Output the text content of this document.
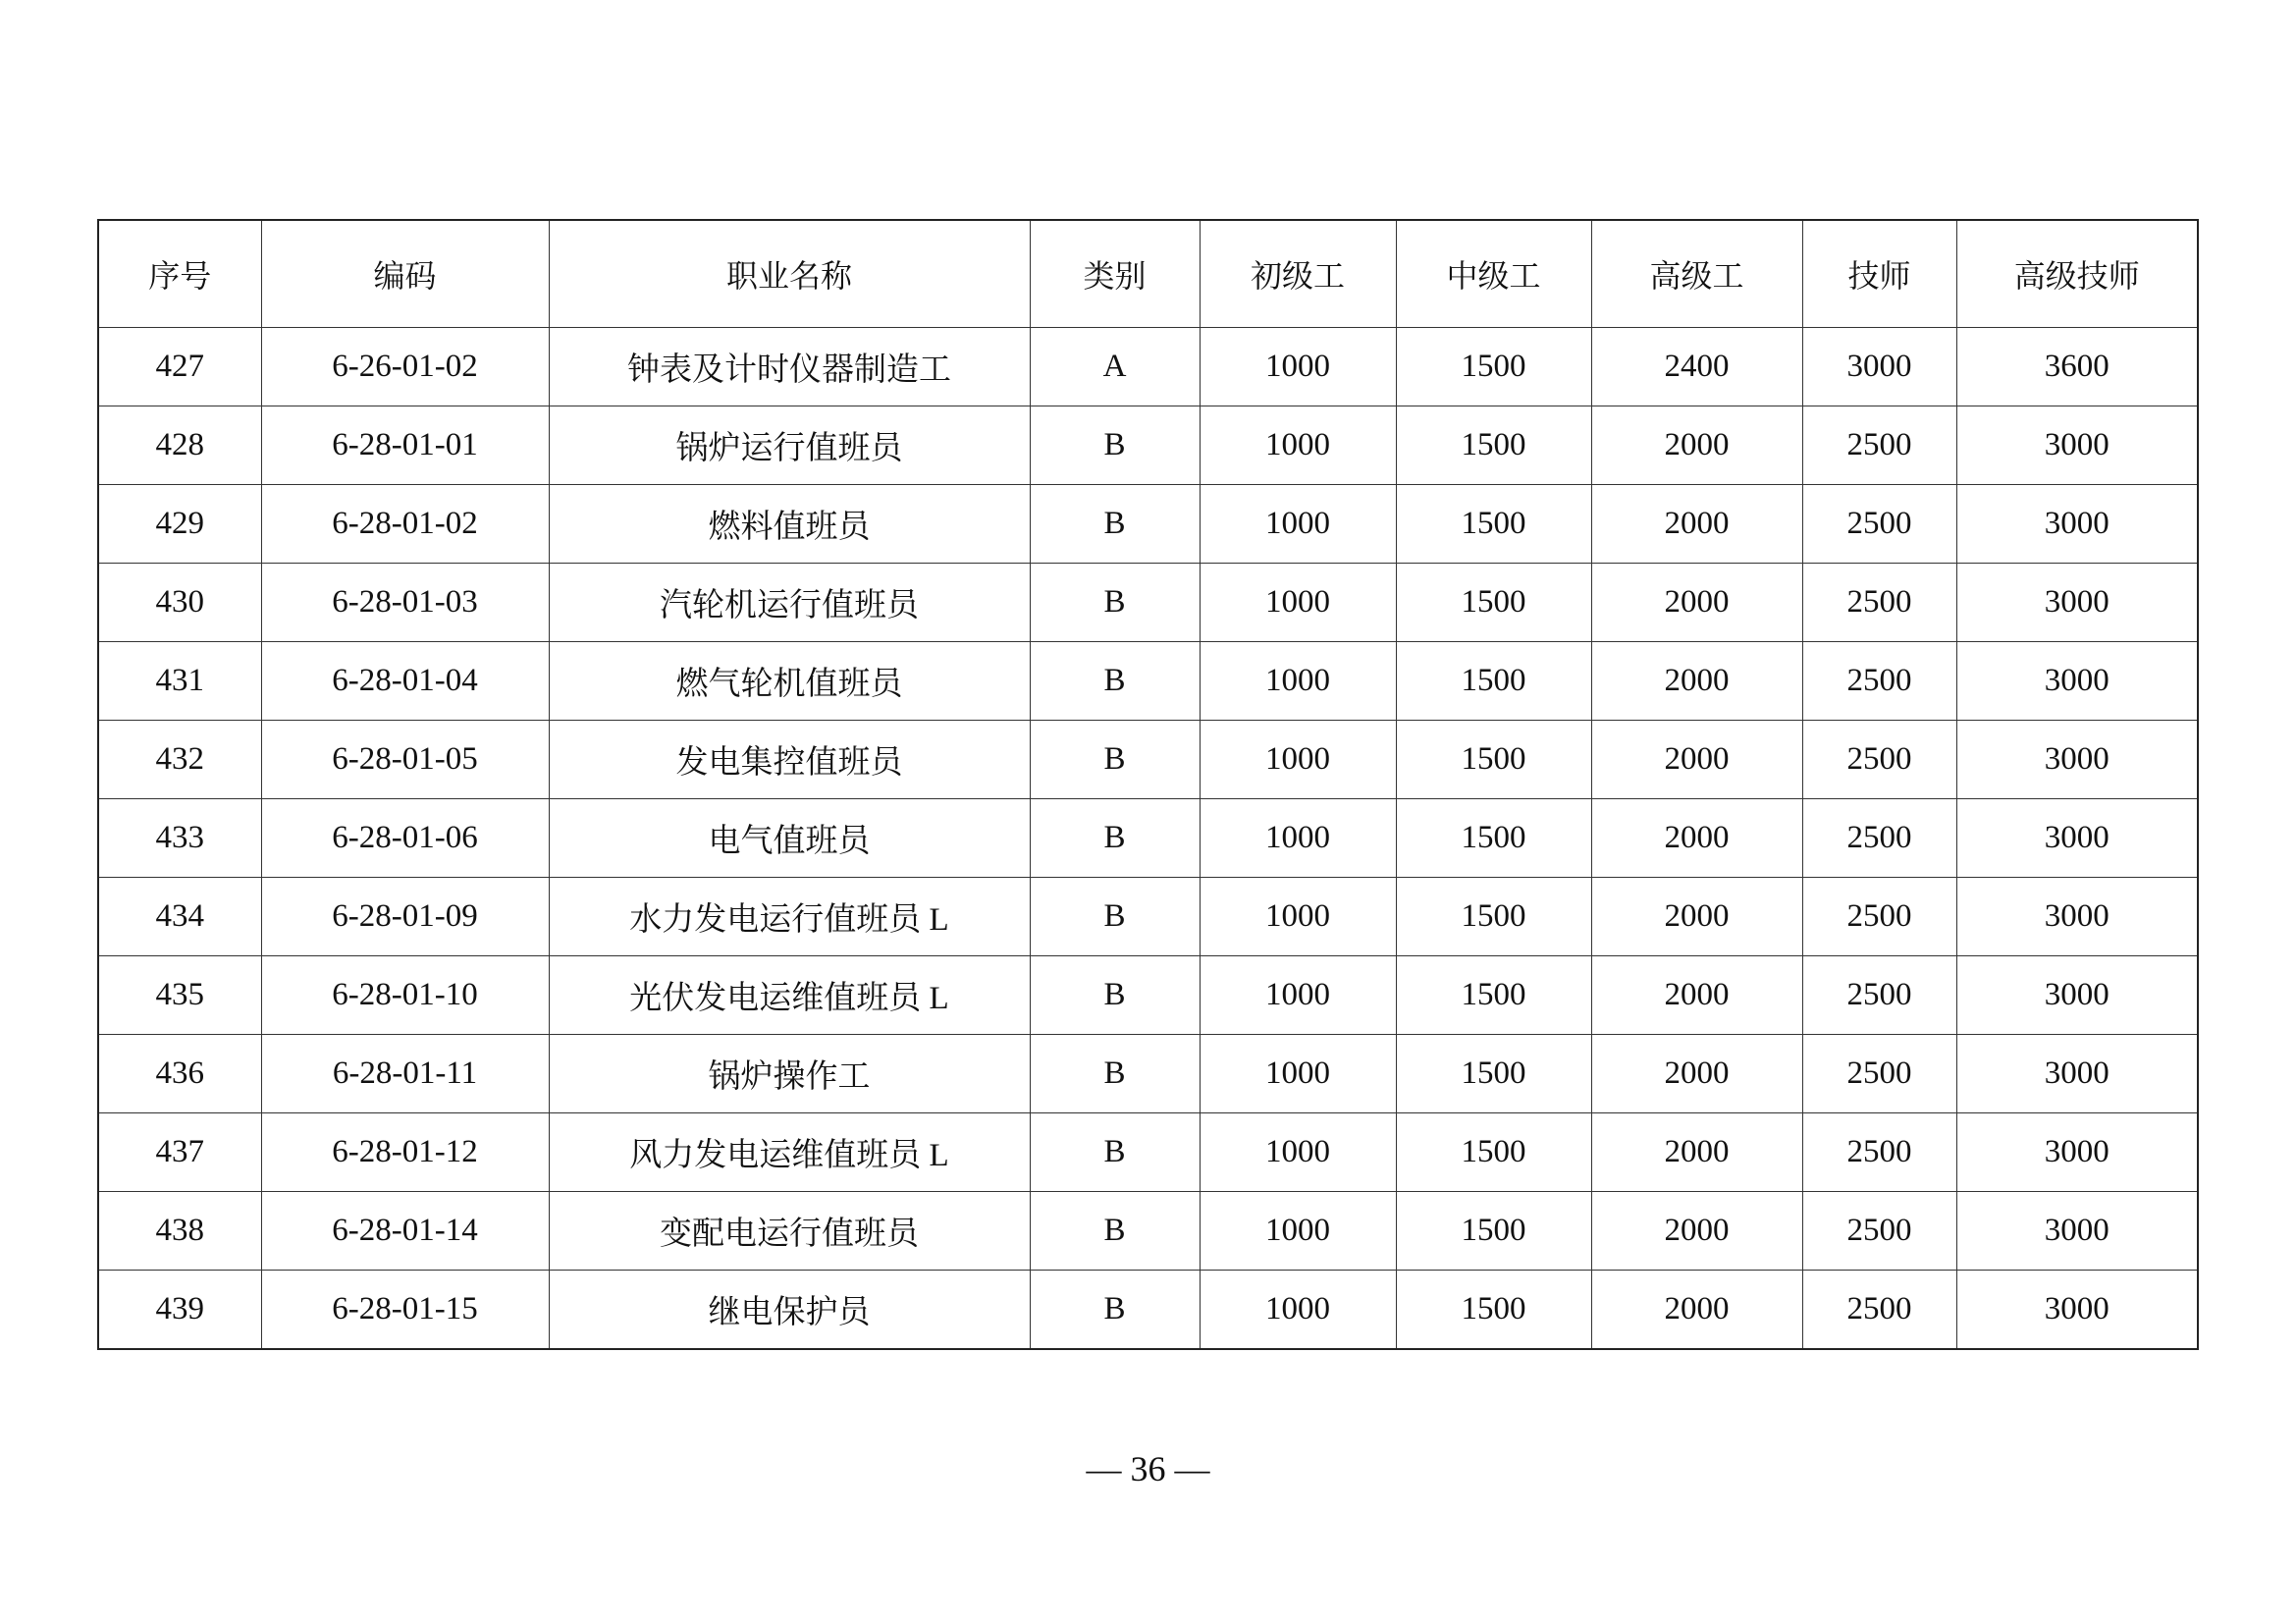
序号	编码	职业名称	类别	初级工	中级工	高级工	技师	高级技师
427	6-26-01-02	钟表及计时仪器制造工	A	1000	1500	2400	3000	3600
428	6-28-01-01	锅炉运行值班员	B	1000	1500	2000	2500	3000
429	6-28-01-02	燃料值班员	B	1000	1500	2000	2500	3000
430	6-28-01-03	汽轮机运行值班员	B	1000	1500	2000	2500	3000
431	6-28-01-04	燃气轮机值班员	B	1000	1500	2000	2500	3000
432	6-28-01-05	发电集控值班员	B	1000	1500	2000	2500	3000
433	6-28-01-06	电气值班员	B	1000	1500	2000	2500	3000
434	6-28-01-09	水力发电运行值班员 L	B	1000	1500	2000	2500	3000
435	6-28-01-10	光伏发电运维值班员 L	B	1000	1500	2000	2500	3000
436	6-28-01-11	锅炉操作工	B	1000	1500	2000	2500	3000
437	6-28-01-12	风力发电运维值班员 L	B	1000	1500	2000	2500	3000
438	6-28-01-14	变配电运行值班员	B	1000	1500	2000	2500	3000
439	6-28-01-15	继电保护员	B	1000	1500	2000	2500	3000
— 36 —
